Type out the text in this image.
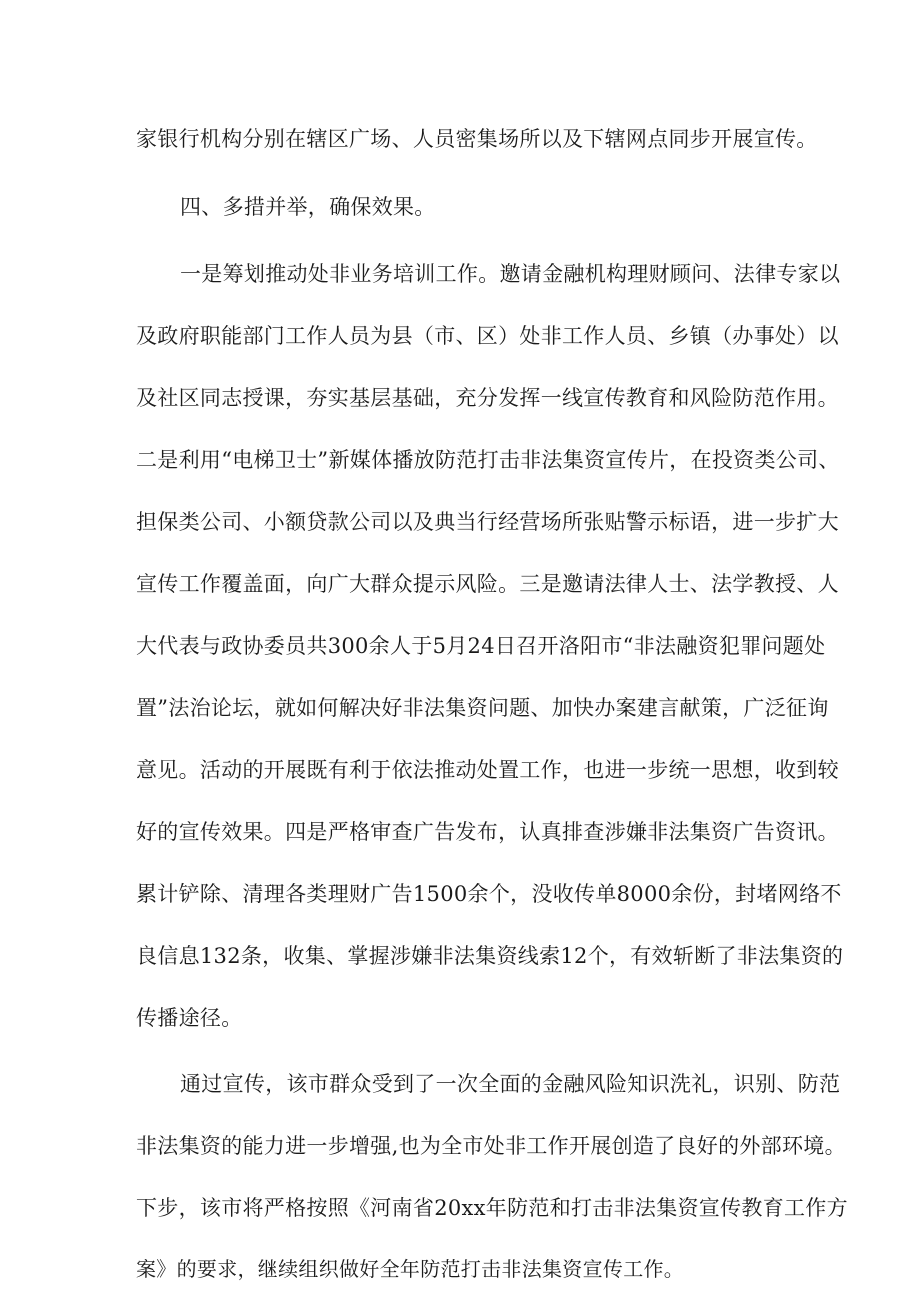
家银行机构分别在辖区广场、人员密集场所以及下辖网点同步开展宣传。
四、多措并举，确保效果。
一是筹划推动处非业务培训工作。邀请金融机构理财顾问、法律专家以
及政府职能部门工作人员为县（市、区）处非工作人员、乡镇（办事处）以
及社区同志授课，夯实基层基础，充分发挥一线宣传教育和风险防范作用。
二是利用“电梯卫士”新媒体播放防范打击非法集资宣传片，在投资类公司、
担保类公司、小额贷款公司以及典当行经营场所张贴警示标语，进一步扩大
宣传工作覆盖面，向广大群众提示风险。三是邀请法律人士、法学教授、人
大代表与政协委员共300余人于5月24日召开洛阳市“非法融资犯罪问题处
置”法治论坛，就如何解决好非法集资问题、加快办案建言献策，广泛征询
意见。活动的开展既有利于依法推动处置工作，也进一步统一思想，收到较
好的宣传效果。四是严格审查广告发布，认真排查涉嫌非法集资广告资讯。
累计铲除、清理各类理财广告1500余个，没收传单8000余份，封堵网络不
良信息132条，收集、掌握涉嫌非法集资线索12个，有效斩断了非法集资的
传播途径。
通过宣传，该市群众受到了一次全面的金融风险知识洗礼，识别、防范
非法集资的能力进一步增强,也为全市处非工作开展创造了良好的外部环境。
下步，该市将严格按照《河南省20xx年防范和打击非法集资宣传教育工作方
案》的要求，继续组织做好全年防范打击非法集资宣传工作。
